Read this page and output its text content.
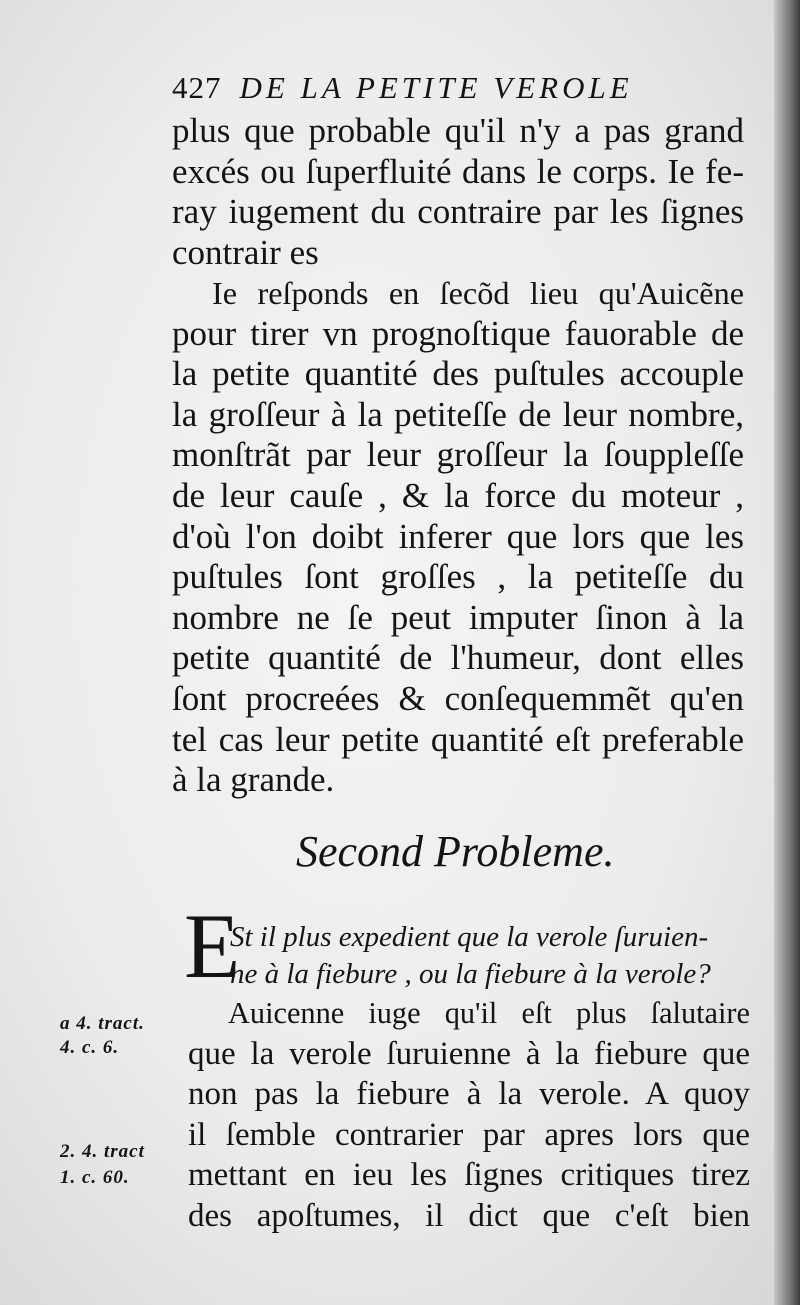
427 DE LA PETITE VEROLE
plus que probable qu'il n'y a pas grand
excés ou ſuperfluité dans le corps. Ie fe-
ray iugement du contraire par les ſignes
contrair es
Ie reſponds en ſecõd lieu qu'Auicẽne
pour tirer vn prognoſtique fauorable de
la petite quantité des puſtules accouple
la groſſeur à la petiteſſe de leur nombre,
monſtrãt par leur groſſeur la ſouppleſſe
de leur cauſe , & la force du moteur ,
d'où l'on doibt inferer que lors que les
puſtules ſont groſſes , la petiteſſe du
nombre ne ſe peut imputer ſinon à la
petite quantité de l'humeur, dont elles
ſont procreées & conſequemmẽt qu'en
tel cas leur petite quantité eſt preferable
à la grande.
Second Probleme.
E
St il plus expedient que la verole ſuruien-
ne à la fiebure , ou la fiebure à la verole?
Auicenne iuge qu'il eſt plus ſalutaire
que la verole ſuruienne à la fiebure que
non pas la fiebure à la verole. A quoy
il ſemble contrarier par apres lors que
mettant en ieu les ſignes critiques tirez
des apoſtumes, il dict que c'eſt bien
a 4. tract.
4. c. 6.
2. 4. tract
1. c. 60.
